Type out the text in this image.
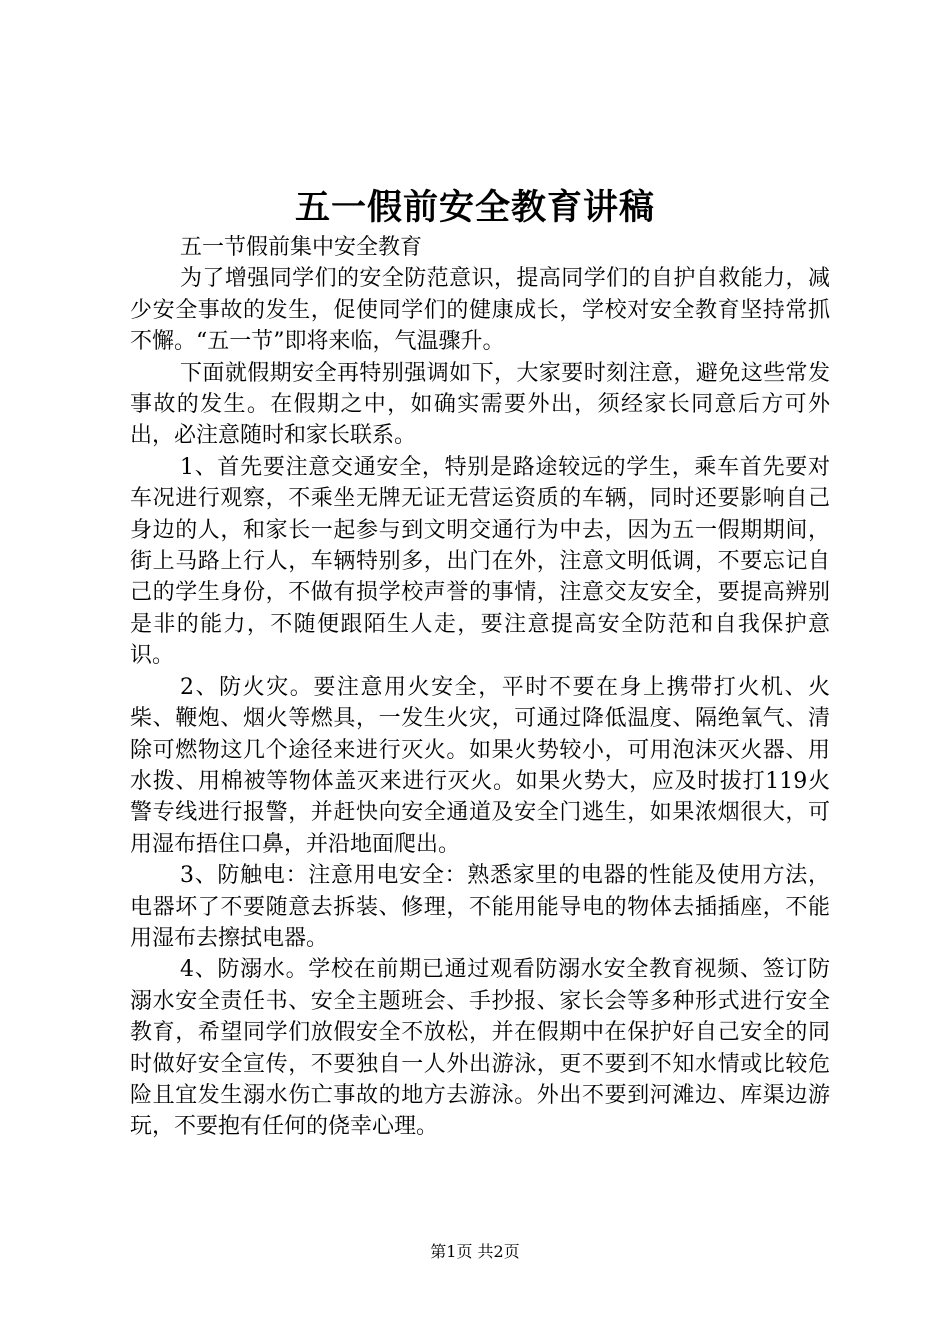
五一假前安全教育讲稿

五一节假前集中安全教育

为了增强同学们的安全防范意识，提高同学们的自护自救能力，减少安全事故的发生，促使同学们的健康成长，学校对安全教育坚持常抓不懈。“五一节”即将来临，气温骤升。

下面就假期安全再特别强调如下，大家要时刻注意，避免这些常发事故的发生。在假期之中，如确实需要外出，须经家长同意后方可外出，必注意随时和家长联系。

1、首先要注意交通安全，特别是路途较远的学生，乘车首先要对车况进行观察，不乘坐无牌无证无营运资质的车辆，同时还要影响自己身边的人，和家长一起参与到文明交通行为中去，因为五一假期期间，街上马路上行人，车辆特别多，出门在外，注意文明低调，不要忘记自己的学生身份，不做有损学校声誉的事情，注意交友安全，要提高辨别是非的能力，不随便跟陌生人走，要注意提高安全防范和自我保护意识。

2、防火灾。要注意用火安全，平时不要在身上携带打火机、火柴、鞭炮、烟火等燃具，一发生火灾，可通过降低温度、隔绝氧气、清除可燃物这几个途径来进行灭火。如果火势较小，可用泡沫灭火器、用水拨、用棉被等物体盖灭来进行灭火。如果火势大，应及时拔打119火警专线进行报警，并赶快向安全通道及安全门逃生，如果浓烟很大，可用湿布捂住口鼻，并沿地面爬出。

3、防触电：注意用电安全：熟悉家里的电器的性能及使用方法，电器坏了不要随意去拆装、修理，不能用能导电的物体去插插座，不能用湿布去擦拭电器。

4、防溺水。学校在前期已通过观看防溺水安全教育视频、签订防溺水安全责任书、安全主题班会、手抄报、家长会等多种形式进行安全教育，希望同学们放假安全不放松，并在假期中在保护好自己安全的同时做好安全宣传，不要独自一人外出游泳，更不要到不知水情或比较危险且宜发生溺水伤亡事故的地方去游泳。外出不要到河滩边、库渠边游玩，不要抱有任何的侥幸心理。

第1页 共2页
